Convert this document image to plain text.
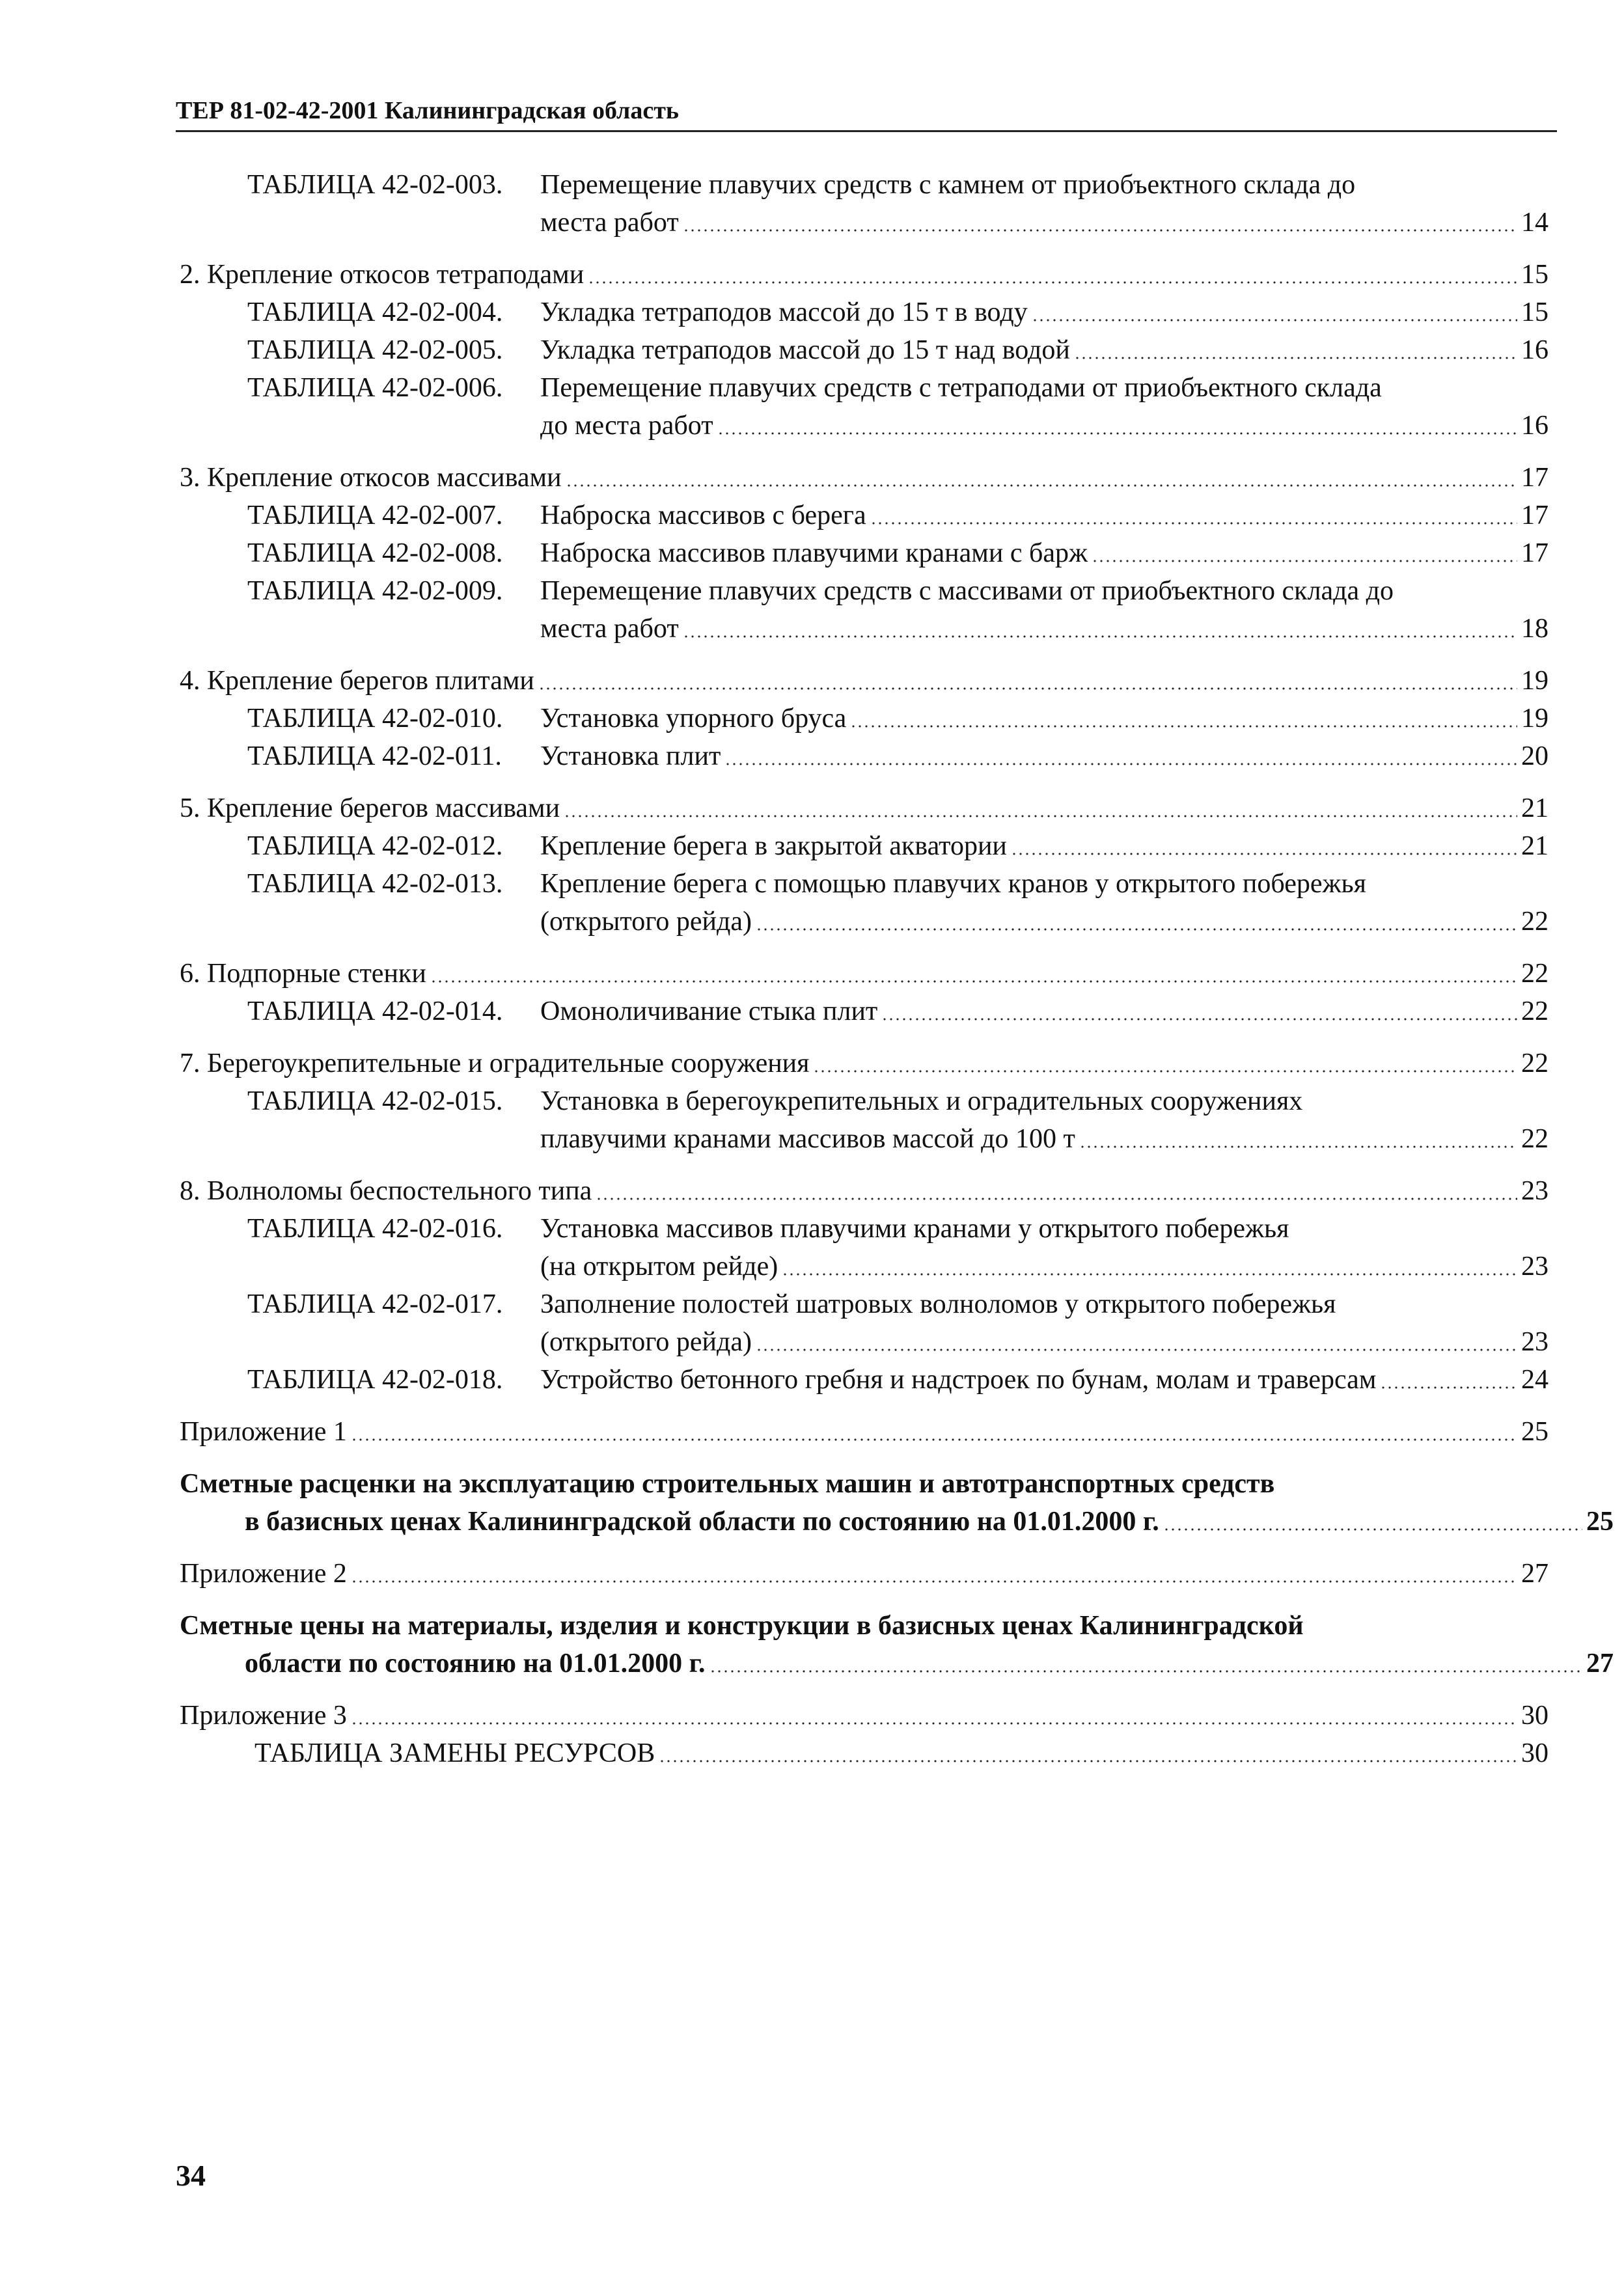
ТЕР 81-02-42-2001 Калининградская область
ТАБЛИЦА 42-02-003.	Перемещение плавучих средств с камнем от приобъектного склада до
места работ	14
2. Крепление откосов тетраподами	15
ТАБЛИЦА 42-02-004.	Укладка тетраподов массой до 15 т в воду	15
ТАБЛИЦА 42-02-005.	Укладка тетраподов массой до 15 т над водой	16
ТАБЛИЦА 42-02-006.	Перемещение плавучих средств с тетраподами от приобъектного склада
до места работ	16
3. Крепление откосов массивами	17
ТАБЛИЦА 42-02-007.	Наброска массивов с берега	17
ТАБЛИЦА 42-02-008.	Наброска массивов плавучими кранами с барж	17
ТАБЛИЦА 42-02-009.	Перемещение плавучих средств с массивами от приобъектного склада до
места работ	18
4. Крепление берегов плитами	19
ТАБЛИЦА 42-02-010.	Установка упорного бруса	19
ТАБЛИЦА 42-02-011.	Установка плит	20
5. Крепление берегов массивами	21
ТАБЛИЦА 42-02-012.	Крепление берега в закрытой акватории	21
ТАБЛИЦА 42-02-013.	Крепление берега с помощью плавучих кранов у открытого побережья
(открытого рейда)	22
6. Подпорные стенки	22
ТАБЛИЦА 42-02-014.	Омоноличивание стыка плит	22
7. Берегоукрепительные и оградительные сооружения	22
ТАБЛИЦА 42-02-015.	Установка в берегоукрепительных и оградительных сооружениях
плавучими кранами массивов массой до 100 т	22
8. Волноломы беспостельного типа	23
ТАБЛИЦА 42-02-016.	Установка массивов плавучими кранами у открытого побережья
(на открытом рейде)	23
ТАБЛИЦА 42-02-017.	Заполнение полостей шатровых волноломов у открытого побережья
(открытого рейда)	23
ТАБЛИЦА 42-02-018.	Устройство бетонного гребня и надстроек по бунам, молам и траверсам	24
Приложение 1	25
Сметные расценки на эксплуатацию строительных машин и автотранспортных средств
в базисных ценах Калининградской области по состоянию на 01.01.2000 г.	25
Приложение 2	27
Сметные цены на материалы, изделия и конструкции в базисных ценах Калининградской
области по состоянию на 01.01.2000 г.	27
Приложение 3	30
ТАБЛИЦА ЗАМЕНЫ РЕСУРСОВ	30
34
